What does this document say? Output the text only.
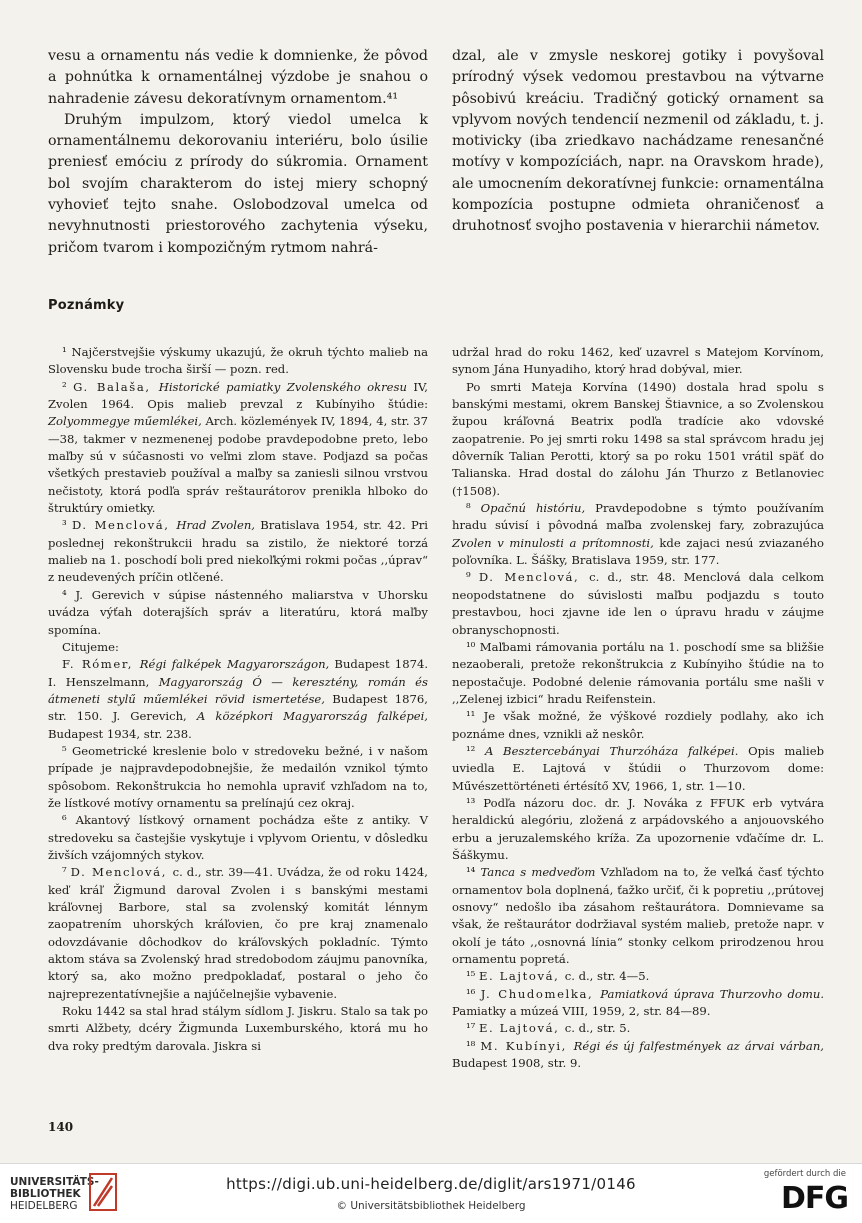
vesu a ornamentu nás vedie k domnienke, že pôvod a pohnútka k ornamentálnej výzdobe je snahou o nahradenie závesu dekoratívnym ornamentom.⁴¹

Druhým impulzom, ktorý viedol umelca k ornamentálnemu dekorovaniu interiéru, bolo úsilie preniesť emóciu z prírody do súkromia. Ornament bol svojím charakterom do istej miery schopný vyhovieť tejto snahe. Oslobodzoval umelca od nevyhnutnosti priestorového zachytenia výseku, pričom tvarom i kompozičným rytmom nahrá-

dzal, ale v zmysle neskorej gotiky i povyšoval prírodný výsek vedomou prestavbou na výtvarne pôsobivú kreáciu. Tradičný gotický ornament sa vplyvom nových tendencií nezmenil od základu, t. j. motivicky (iba zriedkavo nachádzame renesančné motívy v kompozíciách, napr. na Oravskom hrade), ale umocnením dekoratívnej funkcie: ornamentálna kompozícia postupne odmieta ohraničenosť a druhotnosť svojho postavenia v hierarchii námetov.

Poznámky

¹ Najčerstvejšie výskumy ukazujú, že okruh týchto malieb na Slovensku bude trocha širší — pozn. red.

² G. Balaša, Historické pamiatky Zvolenského okresu IV, Zvolen 1964. Opis malieb prevzal z Kubínyiho štúdie: Zolyommegye műemlékei, Arch. közlemények IV, 1894, 4, str. 37—38, takmer v nezmenenej podobe pravdepodobne preto, lebo maľby sú v súčasnosti vo veľmi zlom stave. Podjazd sa počas všetkých prestavieb používal a maľby sa zaniesli silnou vrstvou nečistoty, ktorá podľa správ reštaurátorov prenikla hlboko do štruktúry omietky.

³ D. Menclová, Hrad Zvolen, Bratislava 1954, str. 42. Pri poslednej rekonštrukcii hradu sa zistilo, že niektoré torzá malieb na 1. poschodí boli pred niekoľkými rokmi počas ,,úprav“ z neudevených príčin otlčené.

⁴ J. Gerevich v súpise nástenného maliarstva v Uhorsku uvádza výťah doterajších správ a literatúru, ktorá maľby spomína.

Citujeme:

F. Rómer, Régi falképek Magyarországon, Budapest 1874. I. Henszelmann, Magyarország Ó — keresztény, román és átmeneti stylű műemlékei rövid ismertetése, Budapest 1876, str. 150. J. Gerevich, A középkori Magyarország falképei, Budapest 1934, str. 238.

⁵ Geometrické kreslenie bolo v stredoveku bežné, i v našom prípade je najpravdepodobnejšie, že medailón vznikol týmto spôsobom. Rekonštrukcia ho nemohla upraviť vzhľadom na to, že lístkové motívy ornamentu sa prelínajú cez okraj.

⁶ Akantový lístkový ornament pochádza ešte z antiky. V stredoveku sa častejšie vyskytuje i vplyvom Orientu, v dôsledku živších vzájomných stykov.

⁷ D. Menclová, c. d., str. 39—41. Uvádza, že od roku 1424, keď kráľ Žigmund daroval Zvolen i s banskými mestami kráľovnej Barbore, stal sa zvolenský komitát lénnym zaopatrením uhorských kráľovien, čo pre kraj znamenalo odovzdávanie dôchodkov do kráľovských pokladníc. Týmto aktom stáva sa Zvolenský hrad stredobodom záujmu panovníka, ktorý sa, ako možno predpokladať, postaral o jeho čo najreprezentatívnejšie a najúčelnejšie vybavenie.

Roku 1442 sa stal hrad stálym sídlom J. Jiskru. Stalo sa tak po smrti Alžbety, dcéry Žigmunda Luxemburského, ktorá mu ho dva roky predtým darovala. Jiskra si

udržal hrad do roku 1462, keď uzavrel s Matejom Korvínom, synom Jána Hunyadiho, ktorý hrad dobýval, mier.

Po smrti Mateja Korvína (1490) dostala hrad spolu s banskými mestami, okrem Banskej Štiavnice, a so Zvolenskou župou kráľovná Beatrix podľa tradície ako vdovské zaopatrenie. Po jej smrti roku 1498 sa stal správcom hradu jej dôverník Talian Perotti, ktorý sa po roku 1501 vrátil späť do Talianska. Hrad dostal do zálohu Ján Thurzo z Betlanoviec (†1508).

⁸ Opačnú históriu, Pravdepodobne s týmto používaním hradu súvisí i pôvodná maľba zvolenskej fary, zobrazujúca Zvolen v minulosti a prítomnosti, kde zajaci nesú zviazaného poľovníka. L. Šášky, Bratislava 1959, str. 177.

⁹ D. Menclová, c. d., str. 48. Menclová dala celkom neopodstatnene do súvislosti maľbu podjazdu s touto prestavbou, hoci zjavne ide len o úpravu hradu v záujme obranyschopnosti.

¹⁰ Maľbami rámovania portálu na 1. poschodí sme sa bližšie nezaoberali, pretože rekonštrukcia z Kubínyiho štúdie na to nepostačuje. Podobné delenie rámovania portálu sme našli v ,,Zelenej izbici“ hradu Reifenstein.

¹¹ Je však možné, že výškové rozdiely podlahy, ako ich poznáme dnes, vznikli až neskôr.

¹² A Besztercebányai Thurzóháza falképei. Opis malieb uviedla E. Lajtová v štúdii o Thurzovom dome: Művészettörténeti értésítő XV, 1966, 1, str. 1—10.

¹³ Podľa názoru doc. dr. J. Nováka z FFUK erb vytvára heraldickú alegóriu, zložená z arpádovského a anjouovského erbu a jeruzalemského kríža. Za upozornenie vďačíme dr. L. Šáškymu.

¹⁴ Tanca s medveďom Vzhľadom na to, že veľká časť týchto ornamentov bola doplnená, ťažko určiť, či k popretiu ,,prútovej osnovy“ nedošlo iba zásahom reštaurátora. Domnievame sa však, že reštaurátor dodržiaval systém malieb, pretože napr. v okolí je táto ,,osnovná línia“ stonky celkom prirodzenou hrou ornamentu popretá.

¹⁵ E. Lajtová, c. d., str. 4—5.

¹⁶ J. Chudomelka, Pamiatková úprava Thurzovho domu. Pamiatky a múzeá VIII, 1959, 2, str. 84—89.

¹⁷ E. Lajtová, c. d., str. 5.

¹⁸ M. Kubínyi, Régi és új falfestmények az árvai várban, Budapest 1908, str. 9.

140
UNIVERSITÄTS-
BIBLIOTHEK
HEIDELBERG
https://digi.ub.uni-heidelberg.de/diglit/ars1971/0146
© Universitätsbibliothek Heidelberg
gefördert durch die
DFG
